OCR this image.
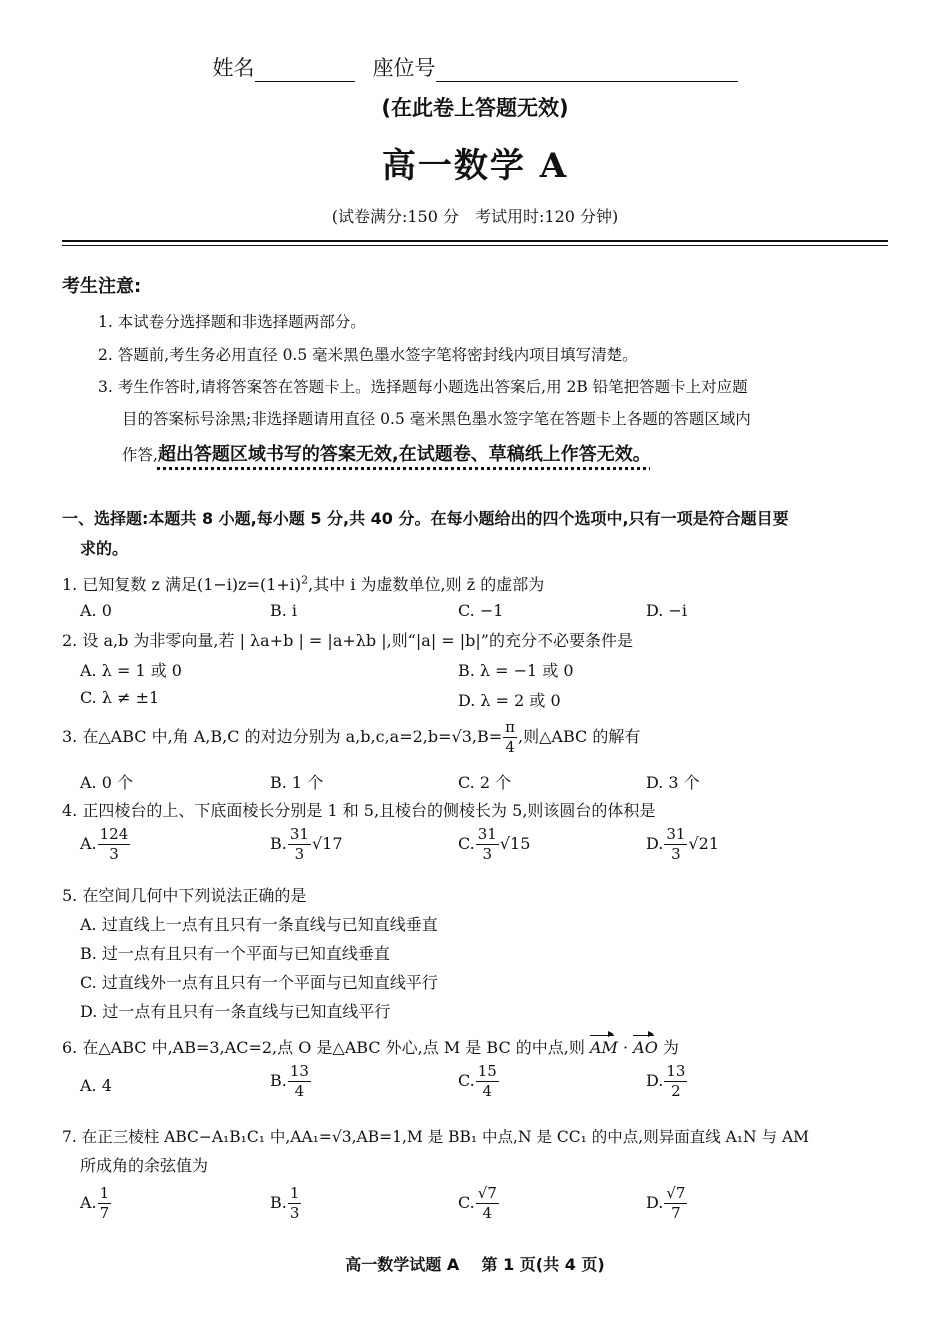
姓名	座位号
(在此卷上答题无效)
高一数学 A
(试卷满分:150 分　考试用时:120 分钟)
考生注意:
1. 本试卷分选择题和非选择题两部分。
2. 答题前,考生务必用直径 0.5 毫米黑色墨水签字笔将密封线内项目填写清楚。
3. 考生作答时,请将答案答在答题卡上。选择题每小题选出答案后,用 2B 铅笔把答题卡上对应题
目的答案标号涂黑;非选择题请用直径 0.5 毫米黑色墨水签字笔在答题卡上各题的答题区域内
作答,超出答题区域书写的答案无效,在试题卷、草稿纸上作答无效。
一、选择题:本题共 8 小题,每小题 5 分,共 40 分。在每小题给出的四个选项中,只有一项是符合题目要
求的。
1. 已知复数 z 满足$(1-i)z=(1+i)^2$,其中 i 为虚数单位,则 z̄ 的虚部为
A. 0	B. i	C. −1	D. −i
2. 设 a,b 为非零向量,若 | λa+b | = |a+λb |,则“|a| = |b|”的充分不必要条件是
A. λ = 1 或 0	B. λ = −1 或 0
C. λ ≠ ±1	D. λ = 2 或 0
3. 在△ABC 中,角 A,B,C 的对边分别为 $a,b,c,a=2,b=√3,B= \frac{\pi}{4}$ ,则△ABC 的解有
A. 0 个	B. 1 个	C. 2 个	D. 3 个
4. 正四棱台的上、下底面棱长分别是 1 和 5,且棱台的侧棱长为 5,则该圆台的体积是
A. $\frac{124}{3}$	B. $\frac{31}{3} √17$	C. $\frac{31}{3} √15$	D. $\frac{31}{3} √21$
5. 在空间几何中下列说法正确的是
A. 过直线上一点有且只有一条直线与已知直线垂直
B. 过一点有且只有一个平面与已知直线垂直
C. 过直线外一点有且只有一个平面与已知直线平行
D. 过一点有且只有一条直线与已知直线平行
6. 在△ABC 中,AB=3,AC=2,点 O 是△ABC 外心,点 M 是 BC 的中点,则 AM · AO 为
A. 4	B. $\frac{13}{4}$	C. $\frac{15}{4}$	D. $\frac{13}{2}$
7. 在正三棱柱 ABC−A₁B₁C₁ 中,AA₁=√3,AB=1,M 是 BB₁ 中点,N 是 CC₁ 的中点,则异面直线 A₁N 与 AM
所成角的余弦值为
A. $\frac{1}{7}$	B. $\frac{1}{3}$	C. $\frac{√7}{4}$	D. $\frac{√7}{7}$
高一数学试题 A 第 1 页(共 4 页)
